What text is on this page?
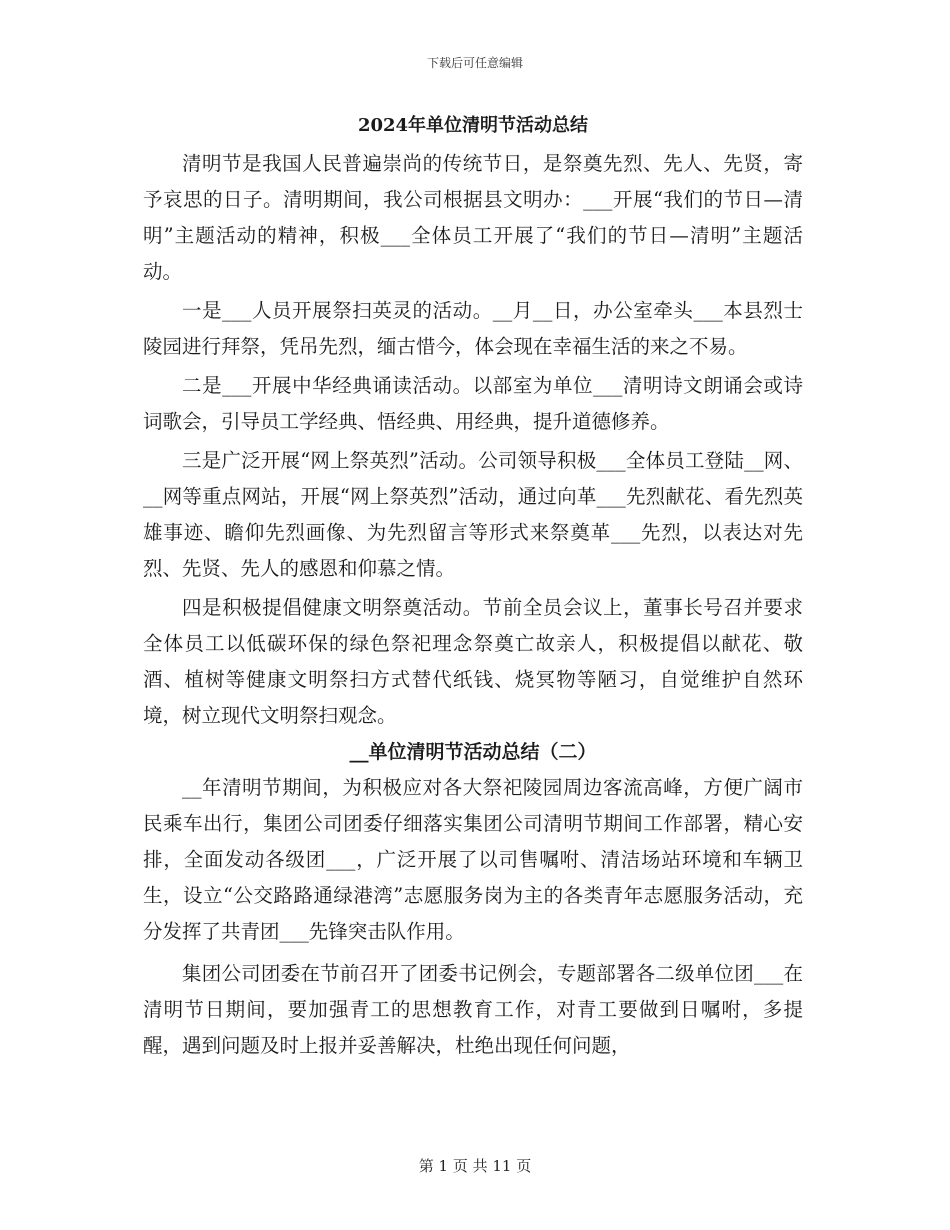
下载后可任意编辑
2024年单位清明节活动总结

清明节是我国人民普遍崇尚的传统节日，是祭奠先烈、先人、先贤，寄予哀思的日子。清明期间，我公司根据县文明办：___开展“我们的节日—清明”主题活动的精神，积极___全体员工开展了“我们的节日—清明”主题活动。

一是___人员开展祭扫英灵的活动。__月__日，办公室牵头___本县烈士陵园进行拜祭，凭吊先烈，缅古惜今，体会现在幸福生活的来之不易。

二是___开展中华经典诵读活动。以部室为单位___清明诗文朗诵会或诗词歌会，引导员工学经典、悟经典、用经典，提升道德修养。

三是广泛开展“网上祭英烈”活动。公司领导积极___全体员工登陆__网、__网等重点网站，开展“网上祭英烈”活动，通过向革___先烈献花、看先烈英雄事迹、瞻仰先烈画像、为先烈留言等形式来祭奠革___先烈，以表达对先烈、先贤、先人的感恩和仰慕之情。

四是积极提倡健康文明祭奠活动。节前全员会议上，董事长号召并要求全体员工以低碳环保的绿色祭祀理念祭奠亡故亲人，积极提倡以献花、敬酒、植树等健康文明祭扫方式替代纸钱、烧冥物等陋习，自觉维护自然环境，树立现代文明祭扫观念。

__单位清明节活动总结（二）

__年清明节期间，为积极应对各大祭祀陵园周边客流高峰，方便广阔市民乘车出行，集团公司团委仔细落实集团公司清明节期间工作部署，精心安排，全面发动各级团___，广泛开展了以司售嘱咐、清洁场站环境和车辆卫生，设立“公交路路通绿港湾”志愿服务岗为主的各类青年志愿服务活动，充分发挥了共青团___先锋突击队作用。

集团公司团委在节前召开了团委书记例会，专题部署各二级单位团___在清明节日期间，要加强青工的思想教育工作，对青工要做到日嘱咐，多提醒，遇到问题及时上报并妥善解决，杜绝出现任何问题，

第 1 页 共 11 页
